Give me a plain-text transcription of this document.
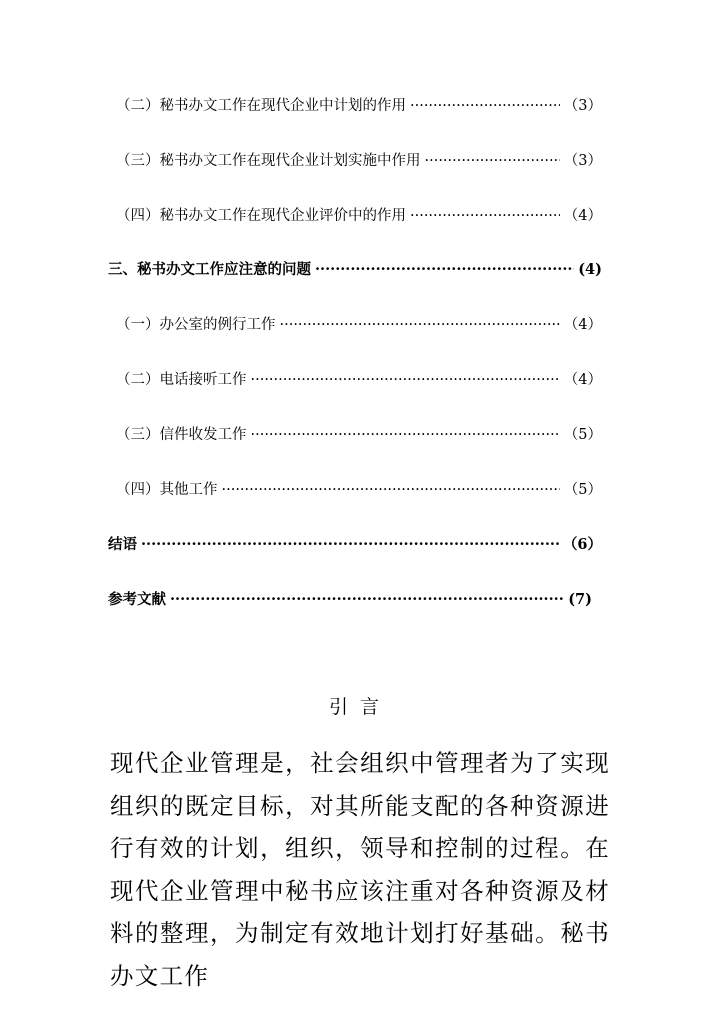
（二）秘书办文工作在现代企业中计划的作用 ·····	（3）
（三）秘书办文工作在现代企业计划实施中作用 ·····	（3）
（四）秘书办文工作在现代企业评价中的作用 ·····	（4）
三、秘书办文工作应注意的问题 ·····	(4)
（一）办公室的例行工作 ·····	（4）
（二）电话接听工作 ·····	（4）
（三）信件收发工作 ·····	（5）
（四）其他工作 ·····	（5）
结语 ·····	（6）
参考文献 ·····	(7)
引言

现代企业管理是，社会组织中管理者为了实现组织的既定目标，对其所能支配的各种资源进行有效的计划，组织，领导和控制的过程。在现代企业管理中秘书应该注重对各种资源及材料的整理，为制定有效地计划打好基础。秘书办文工作
